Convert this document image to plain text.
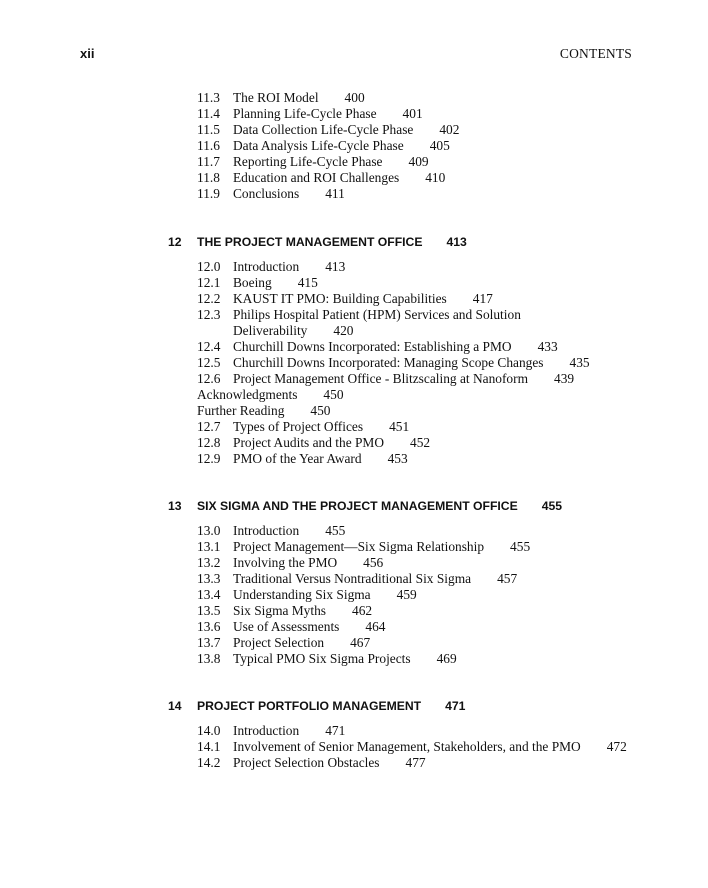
xii	CONTENTS
11.3 The ROI Model 400
11.4 Planning Life-Cycle Phase 401
11.5 Data Collection Life-Cycle Phase 402
11.6 Data Analysis Life-Cycle Phase 405
11.7 Reporting Life-Cycle Phase 409
11.8 Education and ROI Challenges 410
11.9 Conclusions 411
12 THE PROJECT MANAGEMENT OFFICE 413
12.0 Introduction 413
12.1 Boeing 415
12.2 KAUST IT PMO: Building Capabilities 417
12.3 Philips Hospital Patient (HPM) Services and Solution
Deliverability 420
12.4 Churchill Downs Incorporated: Establishing a PMO 433
12.5 Churchill Downs Incorporated: Managing Scope Changes 435
12.6 Project Management Office - Blitzscaling at Nanoform 439
Acknowledgments 450
Further Reading 450
12.7 Types of Project Offices 451
12.8 Project Audits and the PMO 452
12.9 PMO of the Year Award 453
13 SIX SIGMA AND THE PROJECT MANAGEMENT OFFICE 455
13.0 Introduction 455
13.1 Project Management—Six Sigma Relationship 455
13.2 Involving the PMO 456
13.3 Traditional Versus Nontraditional Six Sigma 457
13.4 Understanding Six Sigma 459
13.5 Six Sigma Myths 462
13.6 Use of Assessments 464
13.7 Project Selection 467
13.8 Typical PMO Six Sigma Projects 469
14 PROJECT PORTFOLIO MANAGEMENT 471
14.0 Introduction 471
14.1 Involvement of Senior Management, Stakeholders, and the PMO 472
14.2 Project Selection Obstacles 477
